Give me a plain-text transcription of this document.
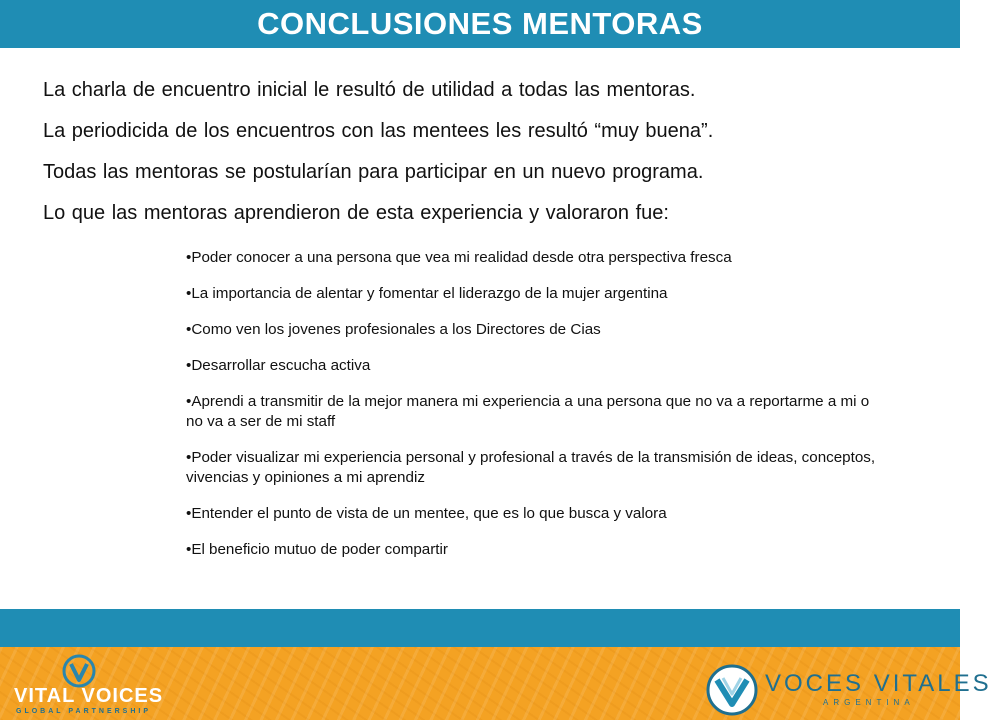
CONCLUSIONES MENTORAS
La charla de encuentro inicial le resultó de utilidad a todas las mentoras.
La periodicida de los encuentros con las mentees les resultó “muy buena”.
Todas las mentoras se postularían para participar en un nuevo programa.
Lo que las mentoras aprendieron de esta experiencia y valoraron fue:
•Poder conocer a una persona que vea mi realidad desde otra perspectiva fresca
•La importancia de alentar y fomentar el liderazgo de la mujer argentina
•Como ven los jovenes profesionales a los Directores de Cias
•Desarrollar escucha activa
•Aprendi a transmitir de la mejor manera mi experiencia a una persona que no va a reportarme a mi o no va a ser de mi staff
•Poder visualizar mi experiencia personal y profesional a través de la transmisión de ideas, conceptos, vivencias y opiniones a mi aprendiz
•Entender el punto de vista de un mentee, que es lo que busca y valora
•El beneficio mutuo de poder compartir
VITAL VOICES
GLOBAL PARTNERSHIP
VOCES VITALES
ARGENTINA
